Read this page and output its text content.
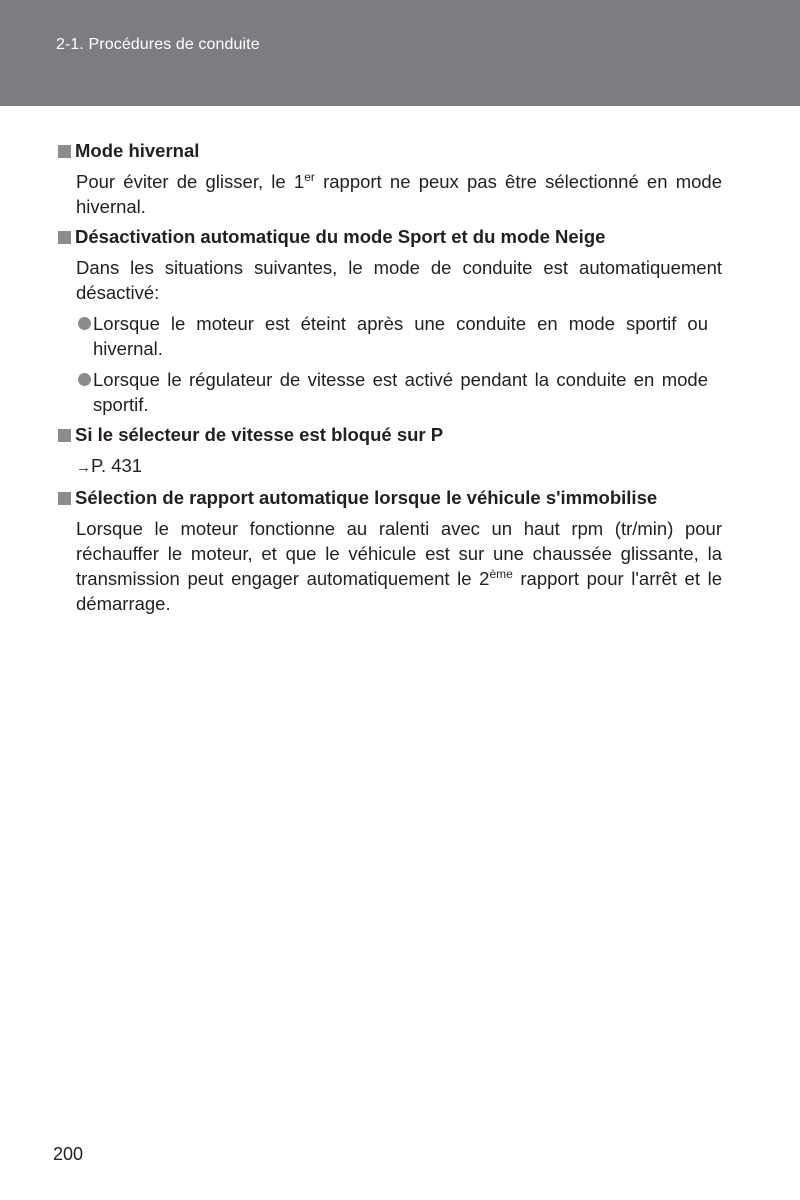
2-1. Procédures de conduite
Mode hivernal
Pour éviter de glisser, le 1er rapport ne peux pas être sélectionné en mode hivernal.
Désactivation automatique du mode Sport et du mode Neige
Dans les situations suivantes, le mode de conduite est automatiquement désactivé:
Lorsque le moteur est éteint après une conduite en mode sportif ou hivernal.
Lorsque le régulateur de vitesse est activé pendant la conduite en mode sportif.
Si le sélecteur de vitesse est bloqué sur P
→P. 431
Sélection de rapport automatique lorsque le véhicule s'immobilise
Lorsque le moteur fonctionne au ralenti avec un haut rpm (tr/min) pour réchauffer le moteur, et que le véhicule est sur une chaussée glissante, la transmission peut engager automatiquement le 2ème rapport pour l'arrêt et le démarrage.
200
